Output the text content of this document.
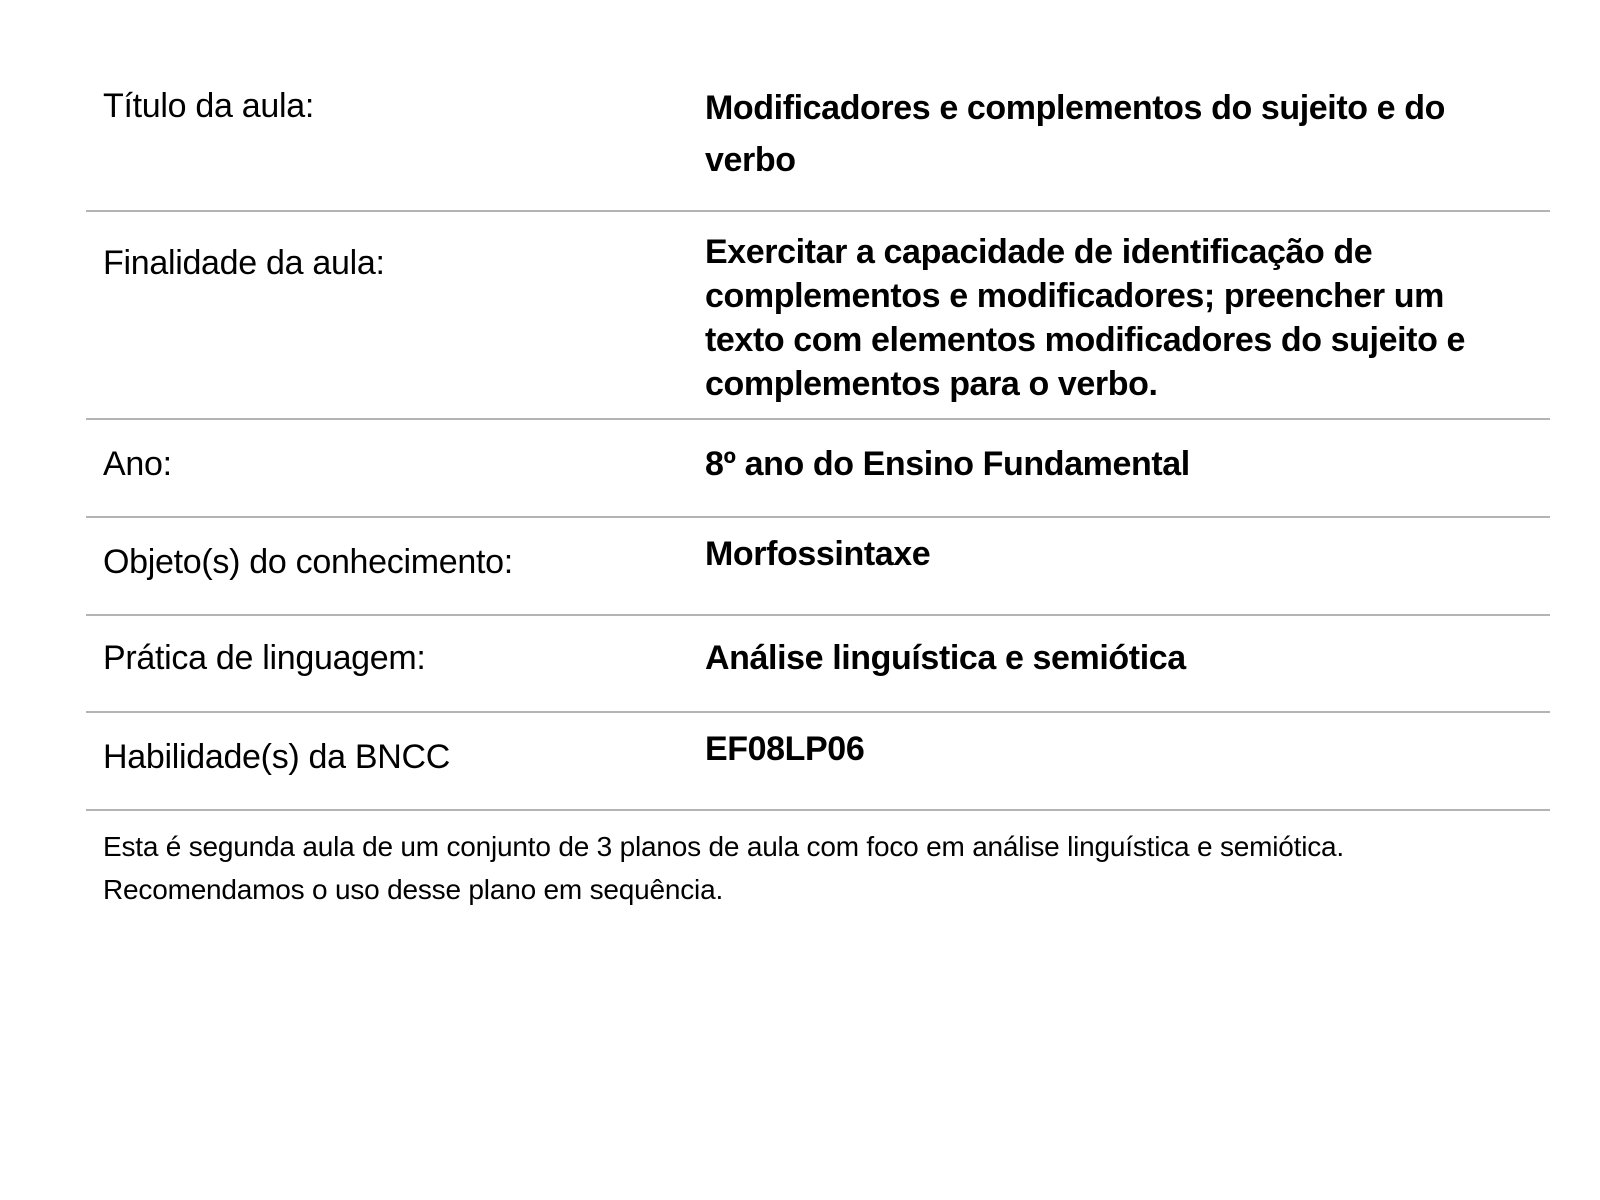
Título da aula:	Modificadores e complementos do sujeito e do verbo
Finalidade da aula:	Exercitar a capacidade de identificação de complementos e modificadores; preencher um texto com elementos modificadores do sujeito e complementos para o verbo.
Ano:	8º ano do Ensino Fundamental
Objeto(s) do conhecimento:	Morfossintaxe
Prática de linguagem:	Análise linguística e semiótica
Habilidade(s) da BNCC	EF08LP06
Esta é segunda aula de um conjunto de 3 planos de aula com foco em análise linguística e semiótica. Recomendamos o uso desse plano em sequência.
